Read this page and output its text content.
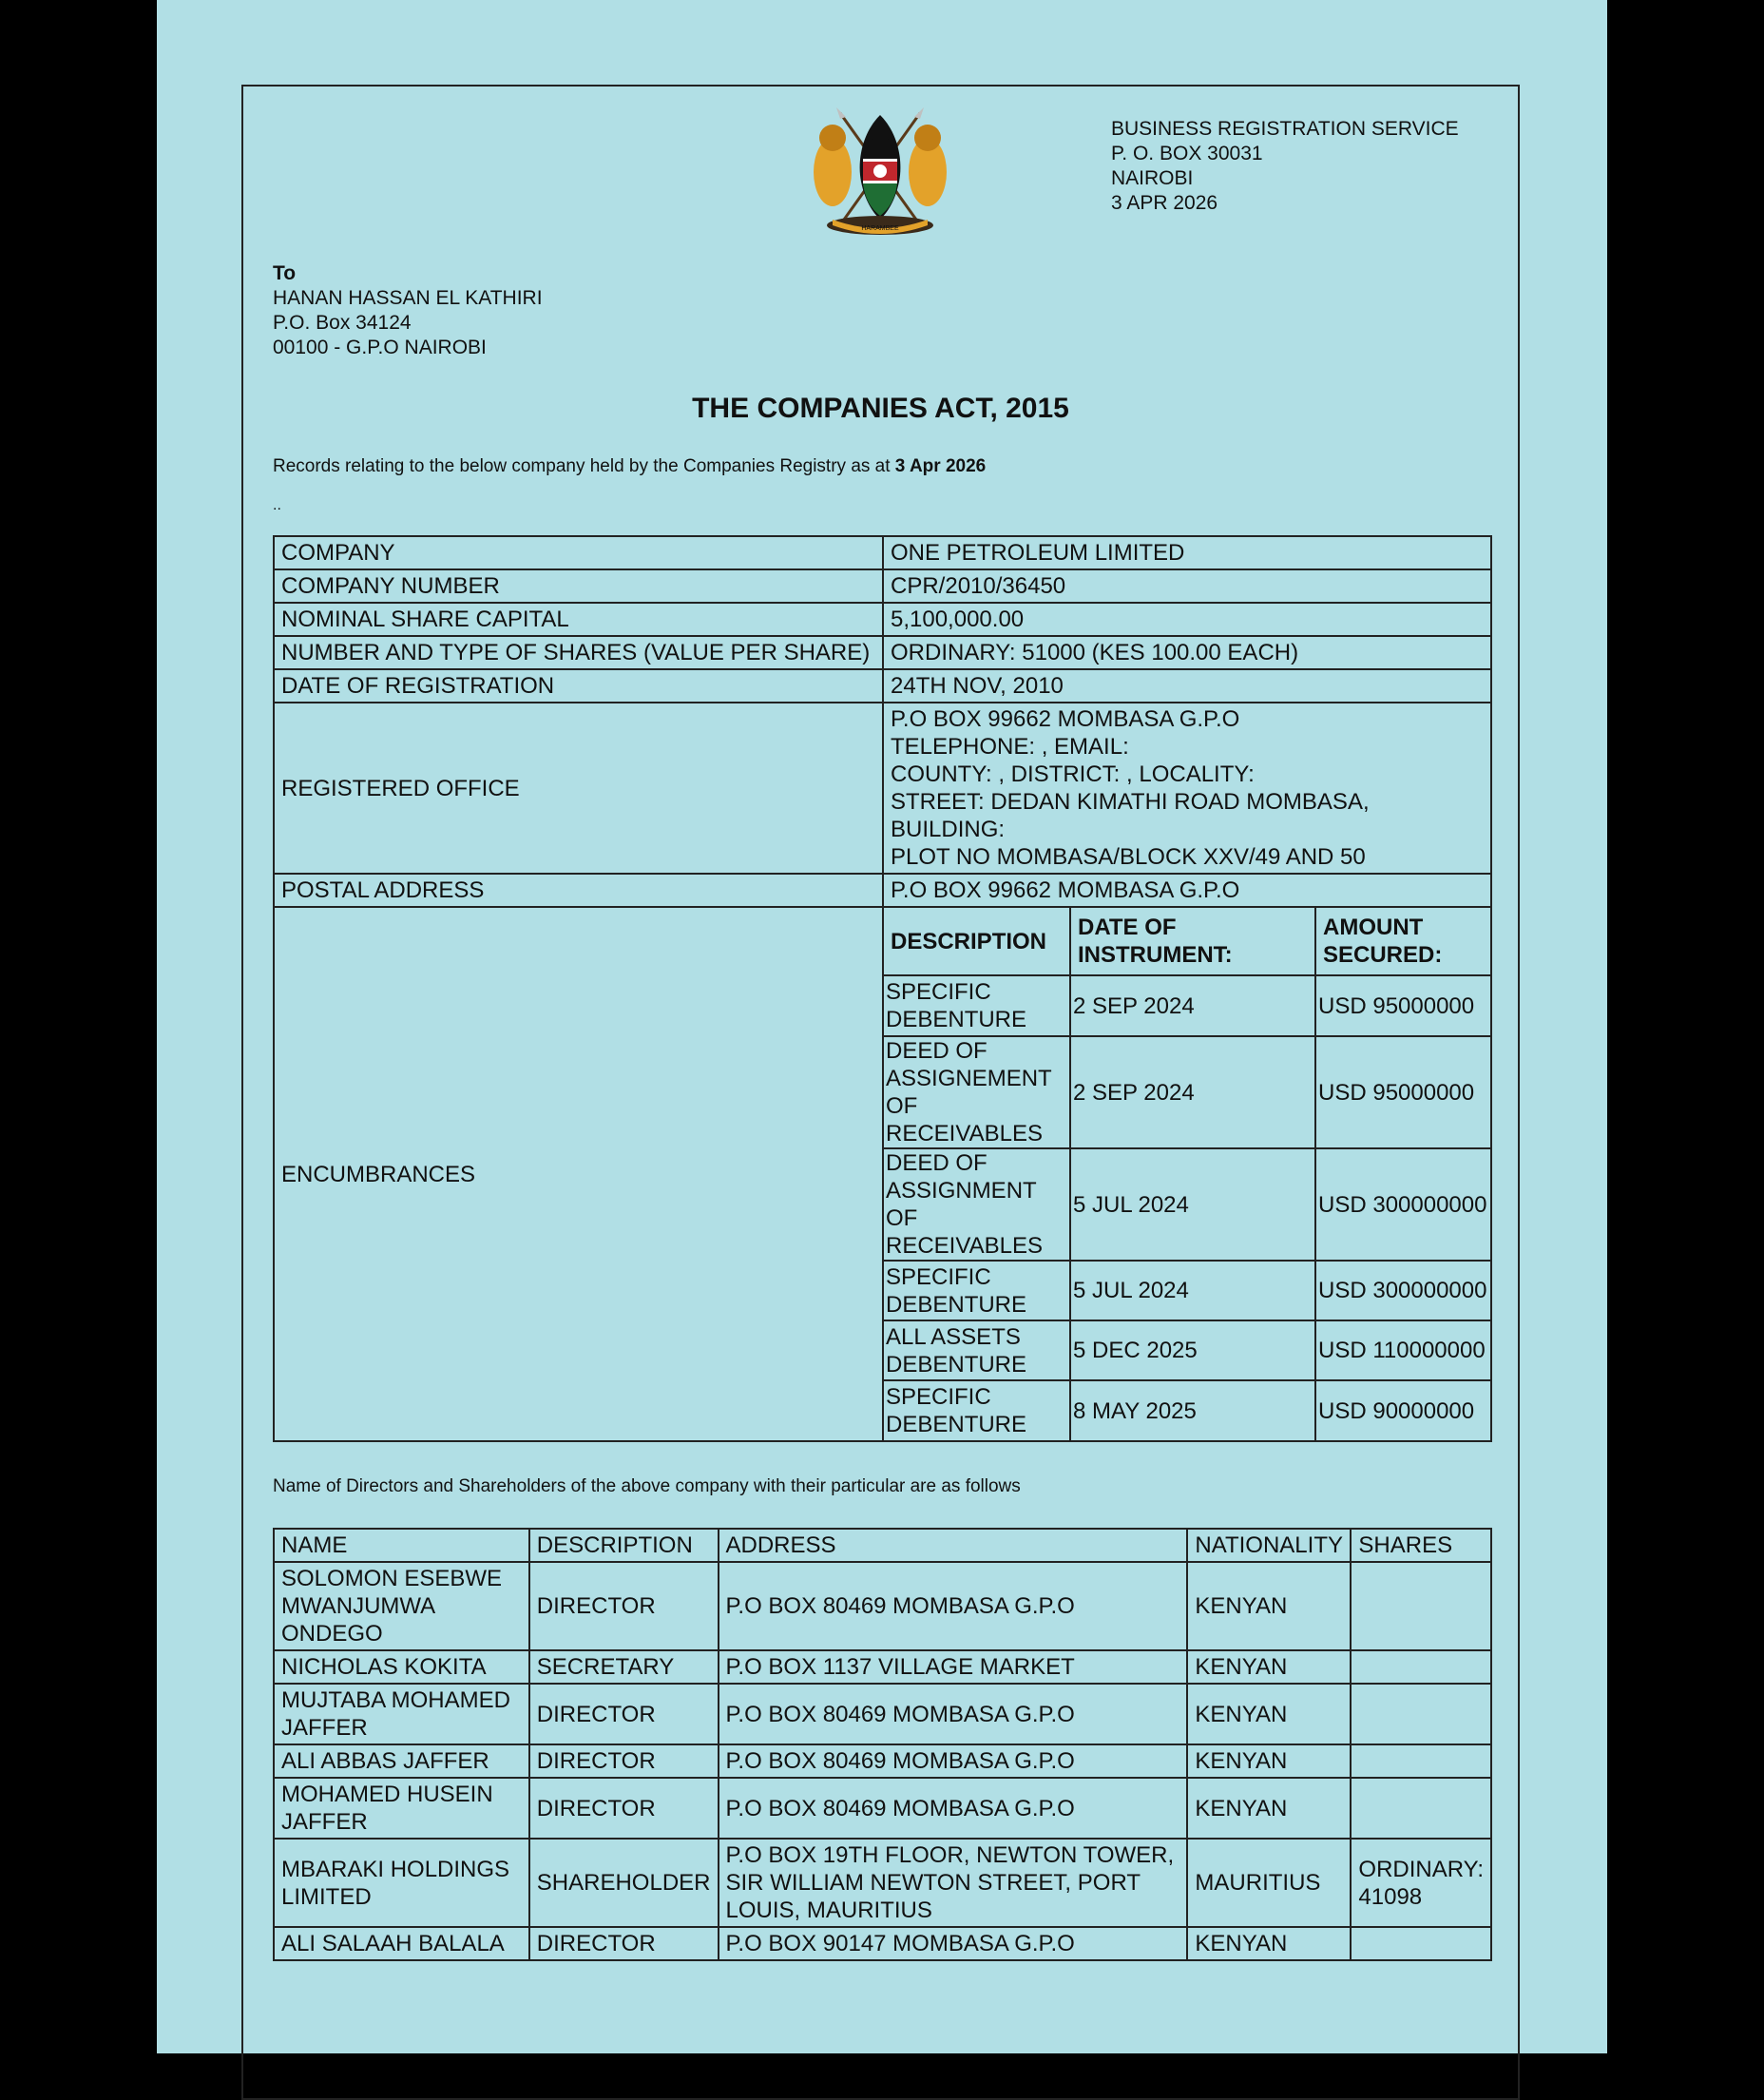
HARAMBEE
BUSINESS REGISTRATION SERVICE
P. O. BOX 30031
NAIROBI
3 APR 2026
To
HANAN HASSAN EL KATHIRI
P.O. Box 34124
00100 - G.P.O NAIROBI
THE COMPANIES ACT, 2015
Records relating to the below company held by the Companies Registry as at 3 Apr 2026
..
COMPANY	ONE PETROLEUM LIMITED
COMPANY NUMBER	CPR/2010/36450
NOMINAL SHARE CAPITAL	5,100,000.00
NUMBER AND TYPE OF SHARES (VALUE PER SHARE)	ORDINARY: 51000 (KES 100.00 EACH)
DATE OF REGISTRATION	24TH NOV, 2010
REGISTERED OFFICE	
P.O BOX 99662 MOMBASA G.P.O
TELEPHONE: , EMAIL:
COUNTY: , DISTRICT: , LOCALITY:
STREET: DEDAN KIMATHI ROAD MOMBASA, BUILDING:
PLOT NO MOMBASA/BLOCK XXV/49 AND 50

POSTAL ADDRESS	P.O BOX 99662 MOMBASA G.P.O
ENCUMBRANCES	
DESCRIPTION	DATE OF INSTRUMENT:	AMOUNT SECURED:
SPECIFIC DEBENTURE	2 SEP 2024	USD 95000000
DEED OF ASSIGNEMENT OF RECEIVABLES	2 SEP 2024	USD 95000000
DEED OF ASSIGNMENT OF RECEIVABLES	5 JUL 2024	USD 300000000
SPECIFIC DEBENTURE	5 JUL 2024	USD 300000000
ALL ASSETS DEBENTURE	5 DEC 2025	USD 110000000
SPECIFIC DEBENTURE	8 MAY 2025	USD 90000000
Name of Directors and Shareholders of the above company with their particular are as follows
NAME	DESCRIPTION	ADDRESS	NATIONALITY	SHARES
SOLOMON ESEBWE MWANJUMWA ONDEGO	DIRECTOR	P.O BOX 80469 MOMBASA G.P.O	KENYAN	
NICHOLAS KOKITA	SECRETARY	P.O BOX 1137 VILLAGE MARKET	KENYAN	
MUJTABA MOHAMED JAFFER	DIRECTOR	P.O BOX 80469 MOMBASA G.P.O	KENYAN	
ALI ABBAS JAFFER	DIRECTOR	P.O BOX 80469 MOMBASA G.P.O	KENYAN	
MOHAMED HUSEIN JAFFER	DIRECTOR	P.O BOX 80469 MOMBASA G.P.O	KENYAN	
MBARAKI HOLDINGS LIMITED	SHAREHOLDER	P.O BOX 19TH FLOOR, NEWTON TOWER, SIR WILLIAM NEWTON STREET, PORT LOUIS, MAURITIUS	MAURITIUS	ORDINARY: 41098
ALI SALAAH BALALA	DIRECTOR	P.O BOX 90147 MOMBASA G.P.O	KENYAN	
